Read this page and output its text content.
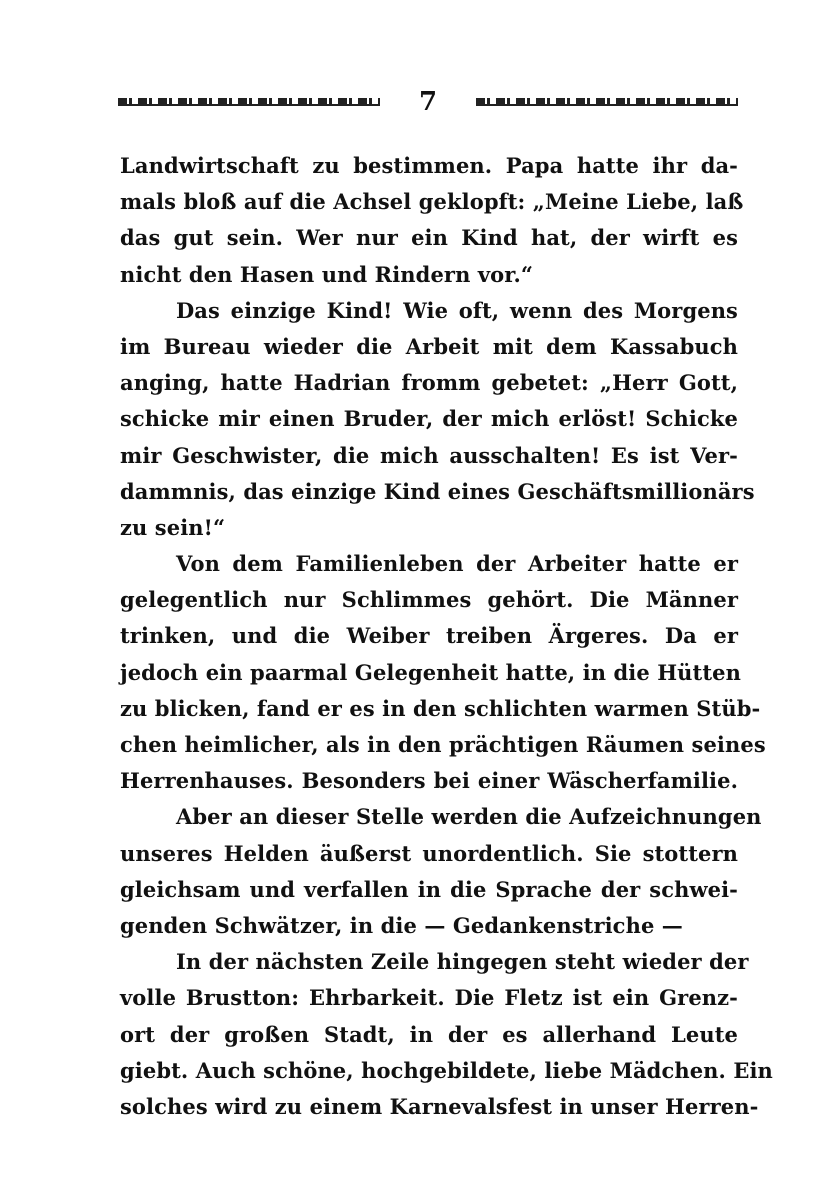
7
Landwirtschaft zu bestimmen. Papa hatte ihr da-
mals bloß auf die Achsel geklopft: „Meine Liebe, laß
das gut sein. Wer nur ein Kind hat, der wirft es
nicht den Hasen und Rindern vor.“
Das einzige Kind! Wie oft, wenn des Morgens
im Bureau wieder die Arbeit mit dem Kassabuch
anging, hatte Hadrian fromm gebetet: „Herr Gott,
schicke mir einen Bruder, der mich erlöst! Schicke
mir Geschwister, die mich ausschalten! Es ist Ver-
dammnis, das einzige Kind eines Geschäftsmillionärs
zu sein!“
Von dem Familienleben der Arbeiter hatte er
gelegentlich nur Schlimmes gehört. Die Männer
trinken, und die Weiber treiben Ärgeres. Da er
jedoch ein paarmal Gelegenheit hatte, in die Hütten
zu blicken, fand er es in den schlichten warmen Stüb-
chen heimlicher, als in den prächtigen Räumen seines
Herrenhauses. Besonders bei einer Wäscherfamilie.
Aber an dieser Stelle werden die Aufzeichnungen
unseres Helden äußerst unordentlich. Sie stottern
gleichsam und verfallen in die Sprache der schwei-
genden Schwätzer, in die — Gedankenstriche —
In der nächsten Zeile hingegen steht wieder der
volle Brustton: Ehrbarkeit. Die Fletz ist ein Grenz-
ort der großen Stadt, in der es allerhand Leute
giebt. Auch schöne, hochgebildete, liebe Mädchen. Ein
solches wird zu einem Karnevalsfest in unser Herren-
